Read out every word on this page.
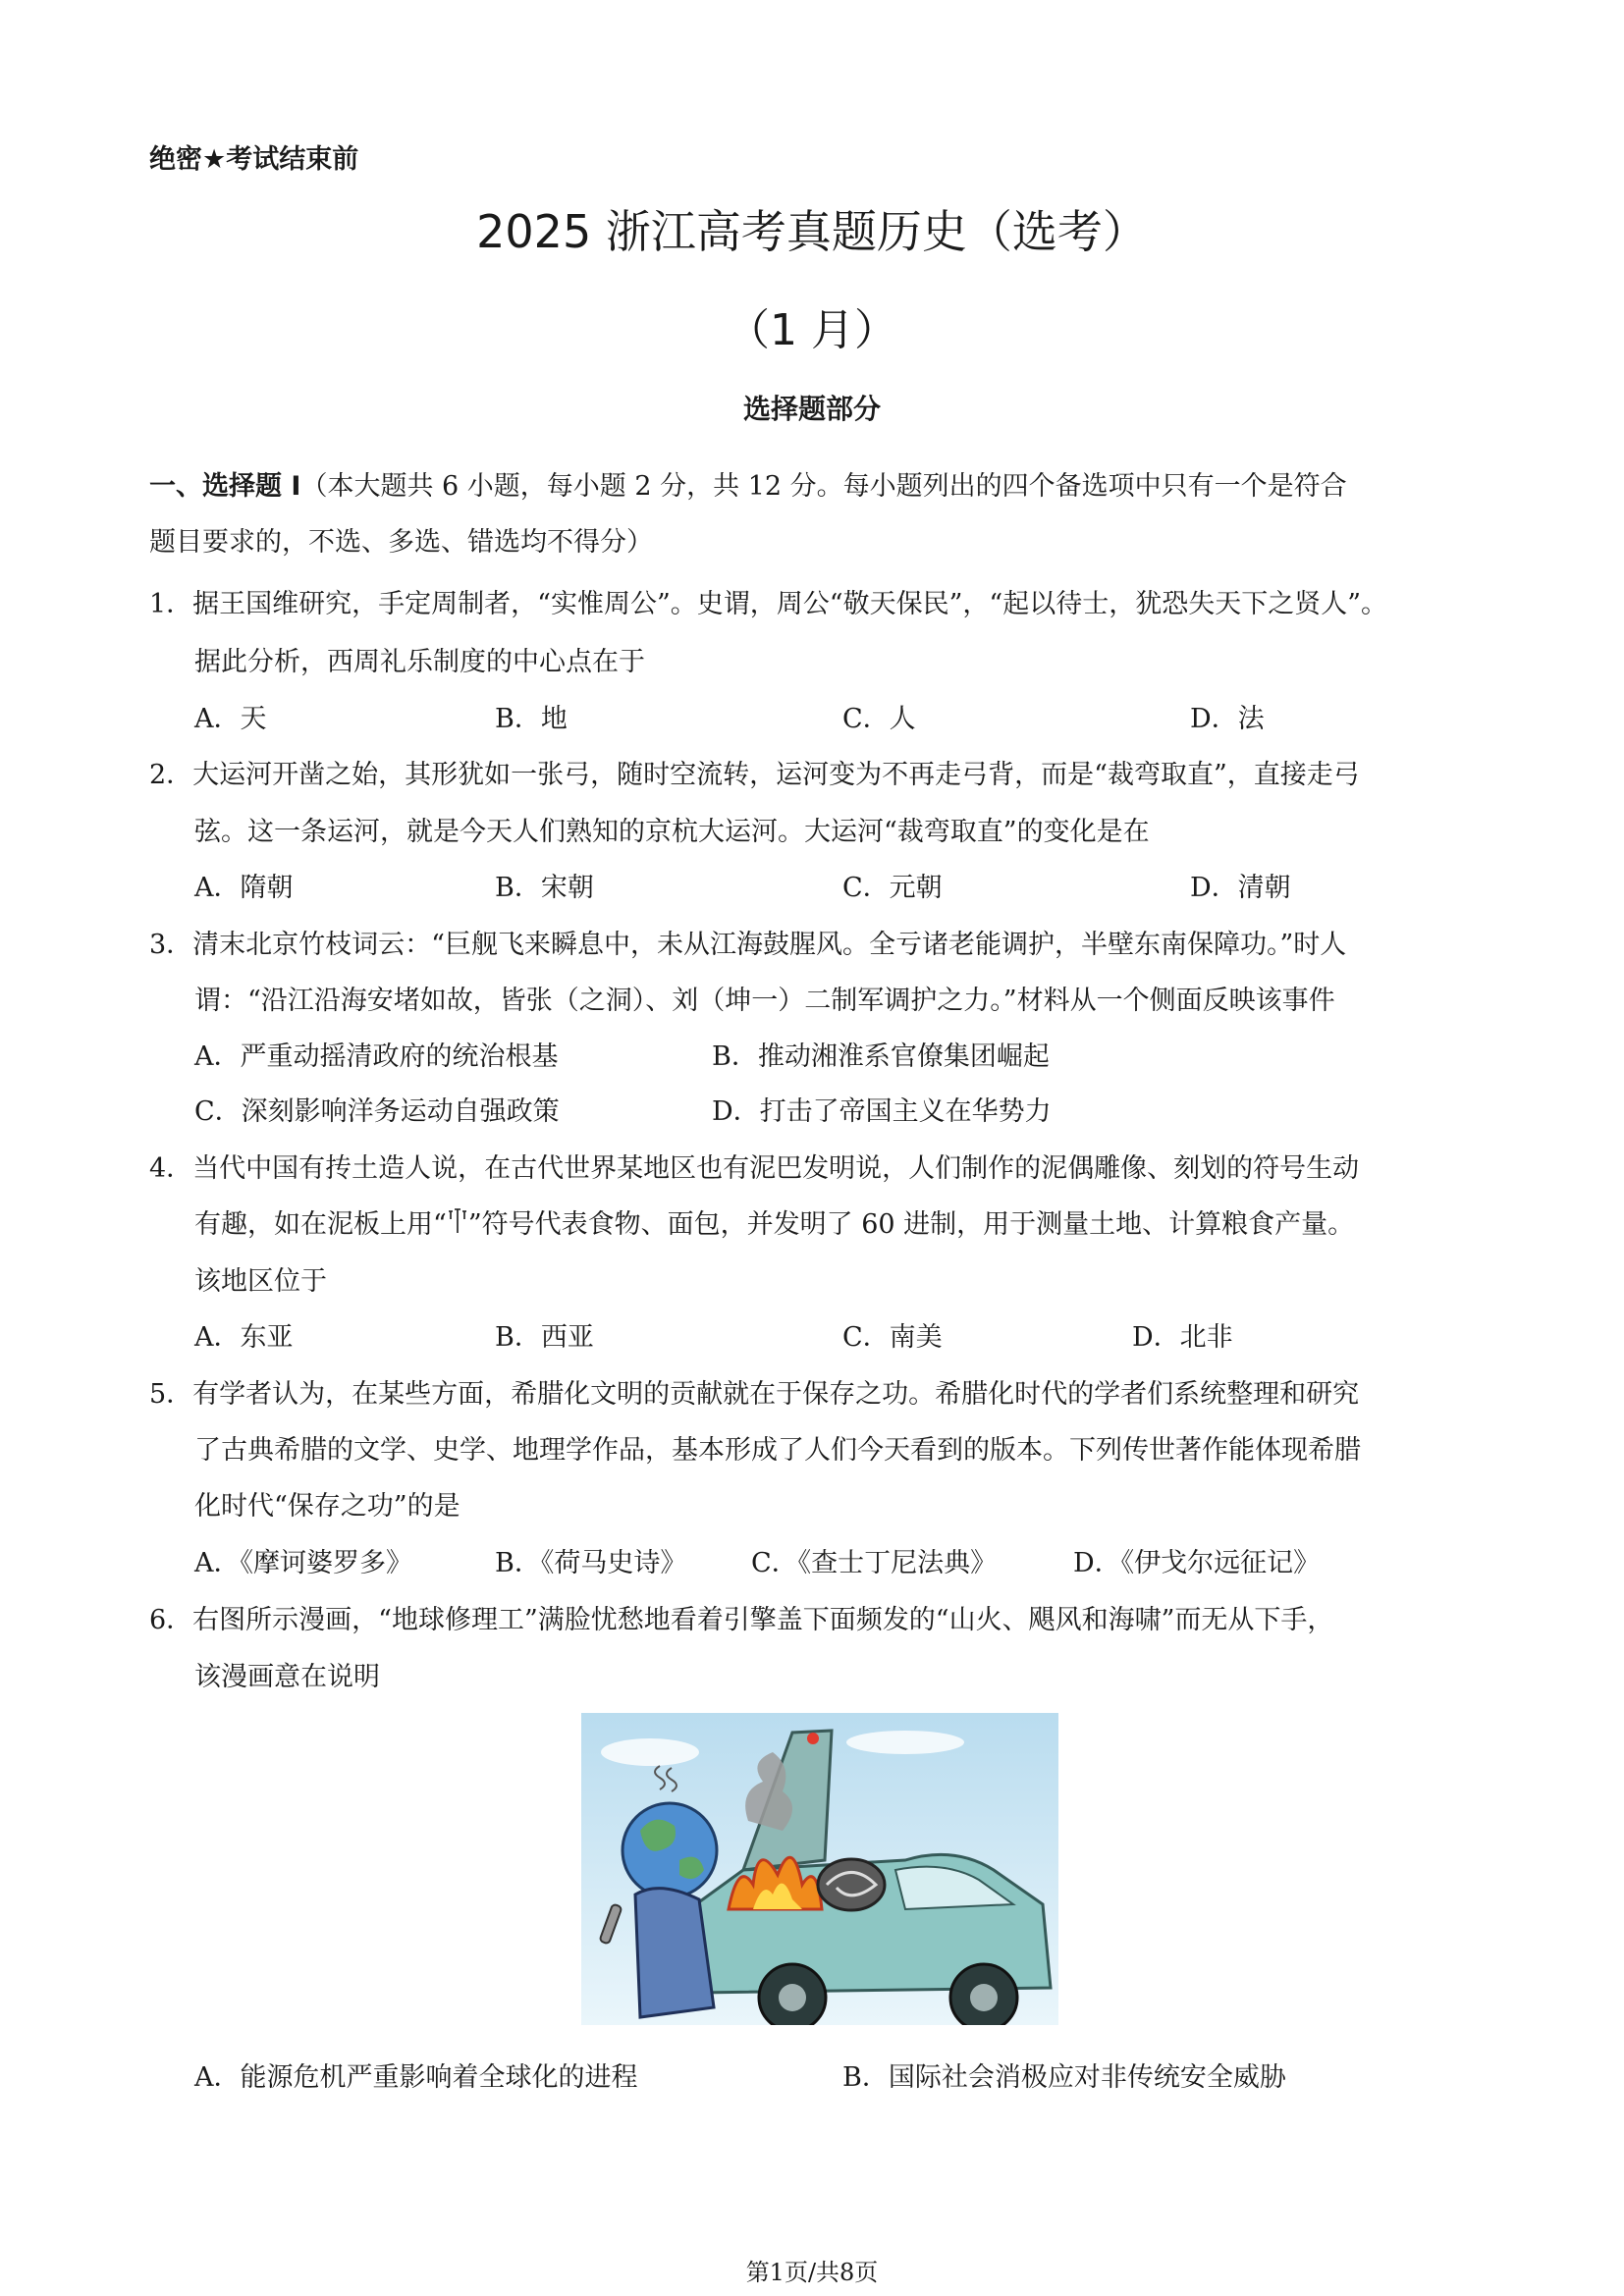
绝密★考试结束前
2025 浙江高考真题历史（选考）
（1 月）
选择题部分
一、选择题 I（本大题共 6 小题，每小题 2 分，共 12 分。每小题列出的四个备选项中只有一个是符合
题目要求的，不选、多选、错选均不得分）
1．据王国维研究，手定周制者，“实惟周公”。史谓，周公“敬天保民”，“起以待士，犹恐失天下之贤人”。
据此分析，西周礼乐制度的中心点在于
A．天	B．地	C．人	D．法
2．大运河开凿之始，其形犹如一张弓，随时空流转，运河变为不再走弓背，而是“裁弯取直”，直接走弓
弦。这一条运河，就是今天人们熟知的京杭大运河。大运河“裁弯取直”的变化是在
A．隋朝	B．宋朝	C．元朝	D．清朝
3．清末北京竹枝词云：“巨舰飞来瞬息中，未从江海鼓腥风。全亏诸老能调护，半壁东南保障功。”时人
谓：“沿江沿海安堵如故，皆张（之洞）、刘（坤一）二制军调护之力。”材料从一个侧面反映该事件
A．严重动摇清政府的统治根基	B．推动湘淮系官僚集团崛起
C．深刻影响洋务运动自强政策	D．打击了帝国主义在华势力
4．当代中国有抟土造人说，在古代世界某地区也有泥巴发明说，人们制作的泥偶雕像、刻划的符号生动
有趣，如在泥板上用“ ”符号代表食物、面包，并发明了 60 进制，用于测量土地、计算粮食产量。
该地区位于
A．东亚	B．西亚	C．南美	D．北非
5．有学者认为，在某些方面，希腊化文明的贡献就在于保存之功。希腊化时代的学者们系统整理和研究
了古典希腊的文学、史学、地理学作品，基本形成了人们今天看到的版本。下列传世著作能体现希腊
化时代“保存之功”的是
A．《摩诃婆罗多》	B．《荷马史诗》 C．《查士丁尼法典》	D．《伊戈尔远征记》
6．右图所示漫画，“地球修理工”满脸忧愁地看着引擎盖下面频发的“山火、飓风和海啸”而无从下手，
该漫画意在说明
A．能源危机严重影响着全球化的进程	B．国际社会消极应对非传统安全威胁
第1页/共8页
